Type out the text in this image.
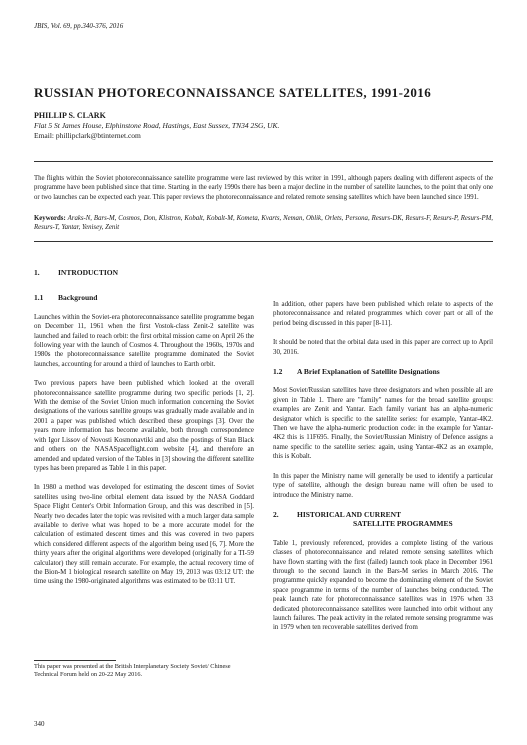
JBIS, Vol. 69, pp.340-376, 2016
RUSSIAN PHOTORECONNAISSANCE SATELLITES, 1991-2016
PHILLIP S. CLARK
Flat 5 St James House, Elphinstone Road, Hastings, East Sussex, TN34 2SG, UK.
Email: phillipclark@btinternet.com
The flights within the Soviet photoreconnaissance satellite programme were last reviewed by this writer in 1991, although papers dealing with different aspects of the programme have been published since that time. Starting in the early 1990s there has been a major decline in the number of satellite launches, to the point that only one or two launches can be expected each year. This paper reviews the photoreconnaissance and related remote sensing satellites which have been launched since 1991.
Keywords: Araks-N, Bars-M, Cosmos, Don, Klistron, Kobalt, Kobalt-M, Kometa, Kvarts, Neman, Oblik, Orlets, Persona, Resurs-DK, Resurs-F, Resurs-P, Resurs-PM, Resurs-T, Yantar, Yenisey, Zenit
1. INTRODUCTION
1.1 Background

Launches within the Soviet-era photoreconnaissance satellite programme began on December 11, 1961 when the first Vostok-class Zenit-2 satellite was launched and failed to reach orbit: the first orbital mission came on April 26 the following year with the launch of Cosmos 4. Throughout the 1960s, 1970s and 1980s the photoreconnaissance satellite programme dominated the Soviet launches, accounting for around a third of launches to Earth orbit.

Two previous papers have been published which looked at the overall photoreconnaissance satellite programme during two specific periods [1, 2]. With the demise of the Soviet Union much information concerning the Soviet designations of the various satellite groups was gradually made available and in 2001 a paper was published which described these groupings [3]. Over the years more information has become available, both through correspondence with Igor Lissov of Novosti Kosmonavtiki and also the postings of Stan Black and others on the NASASpaceflight.com website [4], and therefore an amended and updated version of the Tables in [3] showing the different satellite types has been prepared as Table 1 in this paper.

In 1980 a method was developed for estimating the descent times of Soviet satellites using two-line orbital element data issued by the NASA Goddard Space Flight Center's Orbit Information Group, and this was described in [5]. Nearly two decades later the topic was revisited with a much larger data sample available to derive what was hoped to be a more accurate model for the calculation of estimated descent times and this was covered in two papers which considered different aspects of the algorithm being used [6, 7]. More the thirty years after the original algorithms were developed (originally for a TI-59 calculator) they still remain accurate. For example, the actual recovery time of the Bion-M 1 biological research satellite on May 19, 2013 was 03:12 UT: the time using the 1980-originated algorithms was estimated to be 03:11 UT.

In addition, other papers have been published which relate to aspects of the photoreconnaissance and related programmes which cover part or all of the period being discussed in this paper [8-11].

It should be noted that the orbital data used in this paper are correct up to April 30, 2016.

1.2 A Brief Explanation of Satellite Designations

Most Soviet/Russian satellites have three designators and when possible all are given in Table 1. There are "family" names for the broad satellite groups: examples are Zenit and Yantar. Each family variant has an alpha-numeric designator which is specific to the satellite series: for example, Yantar-4K2. Then we have the alpha-numeric production code: in the example for Yantar-4K2 this is 11F695. Finally, the Soviet/Russian Ministry of Defence assigns a name specific to the satellite series: again, using Yantar-4K2 as an example, this is Kobalt.

In this paper the Ministry name will generally be used to identify a particular type of satellite, although the design bureau name will often be used to introduce the Ministry name.

2. HISTORICAL AND CURRENT
SATELLITE PROGRAMMES

Table 1, previously referenced, provides a complete listing of the various classes of photoreconnaissance and related remote sensing satellites which have flown starting with the first (failed) launch took place in December 1961 through to the second launch in the Bars-M series in March 2016. The programme quickly expanded to become the dominating element of the Soviet space programme in terms of the number of launches being conducted. The peak launch rate for photoreconnaissance satellites was in 1976 when 33 dedicated photoreconnaissance satellites were launched into orbit without any launch failures. The peak activity in the related remote sensing programme was in 1979 when ten recoverable satellites derived from

This paper was presented at the British Interplanetary Society Soviet/ Chinese Technical Forum held on 20-22 May 2016.
340
